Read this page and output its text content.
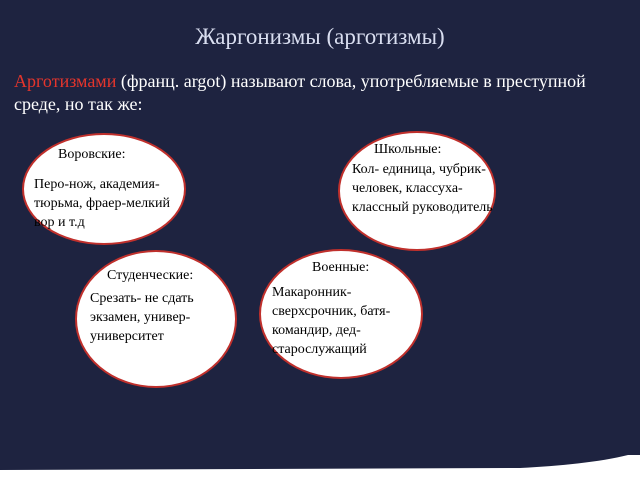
Жаргонизмы (арготизмы)
Арготизмами (франц. argot) называют слова, употребляемые в преступной среде, но так же:
Воровские:
Перо-нож, академия-тюрьма, фраер-мелкий вор и т.д
Школьные:
Кол- единица, чубрик- человек, классуха- классный руководитель
Военные:
Макаронник-сверхсрочник, батя-командир, дед-старослужащий
Студенческие:
Срезать- не сдать экзамен, универ-университет
